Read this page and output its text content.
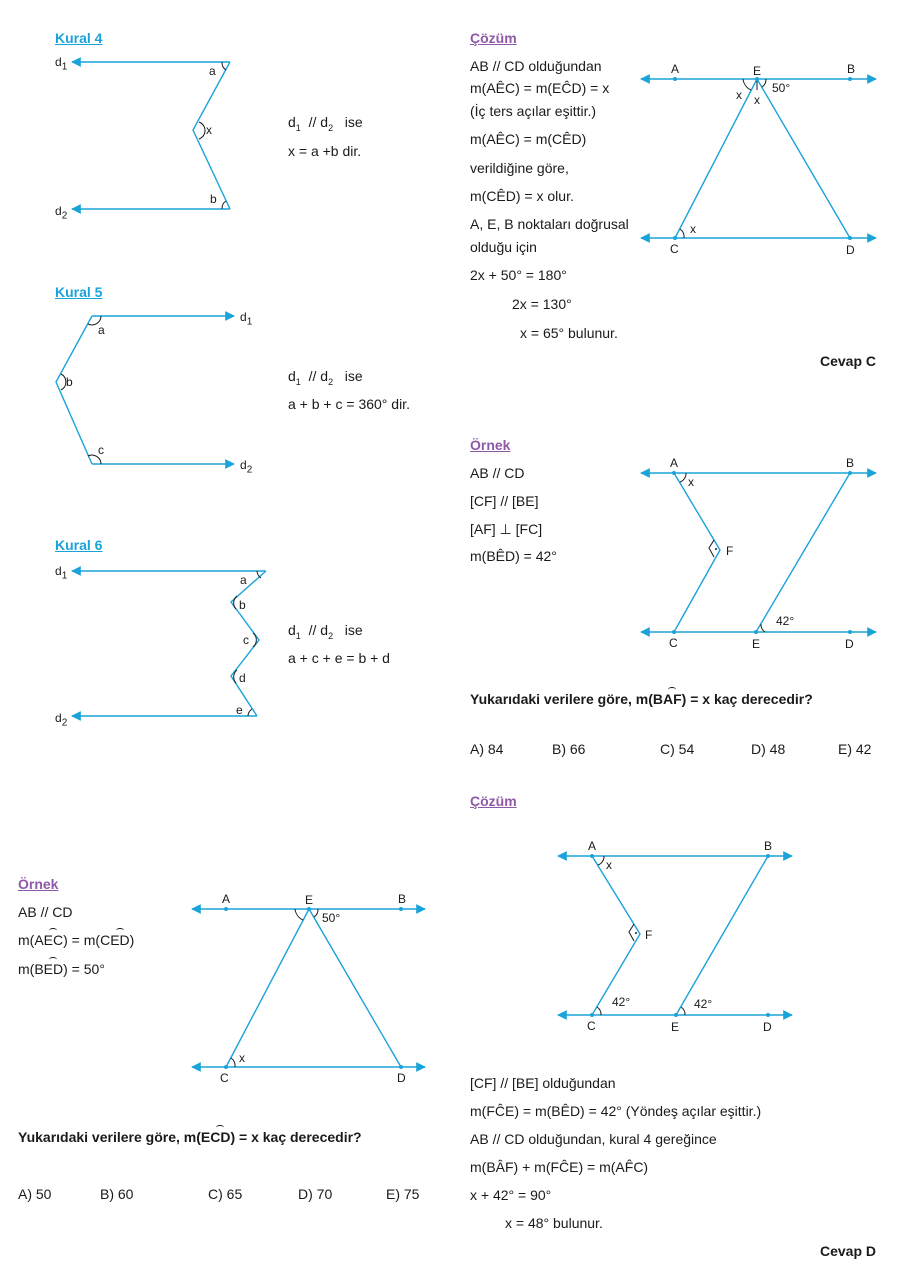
Kural 4
$d_1$
$d_2$
a
x
b
$d_1 // d_2$ ise
x = a +b dir.
Kural 5
$d_1$
$d_2$
a
b
c
$d_1 // d_2$ ise
a + b + c = 360° dir.
Kural 6
$d_1$
$d_2$
a
b
c
d
e
$d_1 // d_2$ ise
a + c + e = b + d
Örnek
AB // CD
m(AEC) = m(CED)
m(BED) = 50°
A	E	B
50°
x
C	D
Yukarıdaki verilere göre, m(ECD) = x kaç derecedir?
A) 50	B) 60	C) 65	D) 70	E) 75
Çözüm
AB // CD olduğundan
m(AÊC) = m(EĈD) = x
(İç ters açılar eşittir.)
m(AÊC) = m(CÊD)
verildiğine göre,
m(CÊD) = x olur.
A, E, B noktaları doğrusal
olduğu için
2x + 50° = 180°
2x = 130°
x = 65° bulunur.
A	E	B
50°
x x
x
C	D
Cevap C
Örnek
AB // CD
[CF] // [BE]
[AF] ⊥ [FC]
m(BÊD) = 42°
A	B
x
F
42°
C	E	D
Yukarıdaki verilere göre, m(BAF) = x kaç derecedir?
A) 84	B) 66	C) 54	D) 48	E) 42
Çözüm
A	B
x
F
42°	42°
C	E	D
[CF] // [BE] olduğundan
m(FĈE) = m(BÊD) = 42° (Yöndeş açılar eşittir.)
AB // CD olduğundan, kural 4 gereğince
m(BÂF) + m(FĈE) = m(AF̂C)
x + 42° = 90°
x = 48° bulunur.
Cevap D
